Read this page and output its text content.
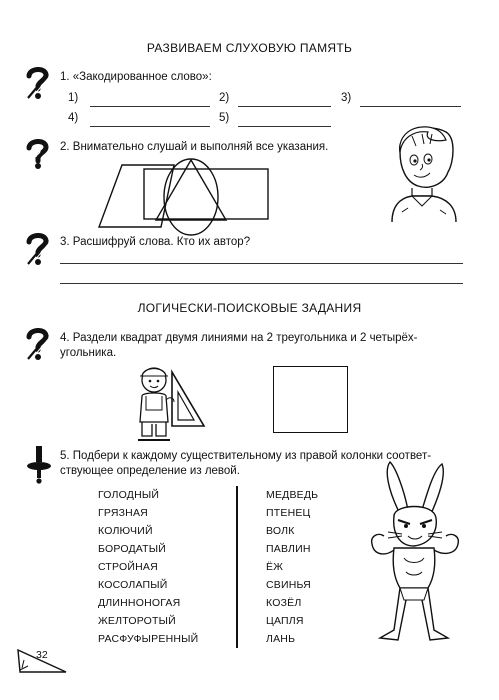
РАЗВИВАЕМ СЛУХОВУЮ ПАМЯТЬ
1. «Закодированное слово»:
1)	2)	3)
4)	5)
2. Внимательно слушай и выполняй все указания.
3. Расшифруй слова. Кто их автор?
ЛОГИЧЕСКИ-ПОИСКОВЫЕ ЗАДАНИЯ
4. Раздели квадрат двумя линиями на 2 треугольника и 2 четырёх-
угольника.
5. Подбери к каждому существительному из правой колонки соответ-
ствующее определение из левой.
ГОЛОДНЫЙ
ГРЯЗНАЯ
КОЛЮЧИЙ
БОРОДАТЫЙ
СТРОЙНАЯ
КОСОЛАПЫЙ
ДЛИННОНОГАЯ
ЖЕЛТОРОТЫЙ
РАСФУФЫРЕННЫЙ
МЕДВЕДЬ
ПТЕНЕЦ
ВОЛК
ПАВЛИН
ЁЖ
СВИНЬЯ
КОЗЁЛ
ЦАПЛЯ
ЛАНЬ
32
